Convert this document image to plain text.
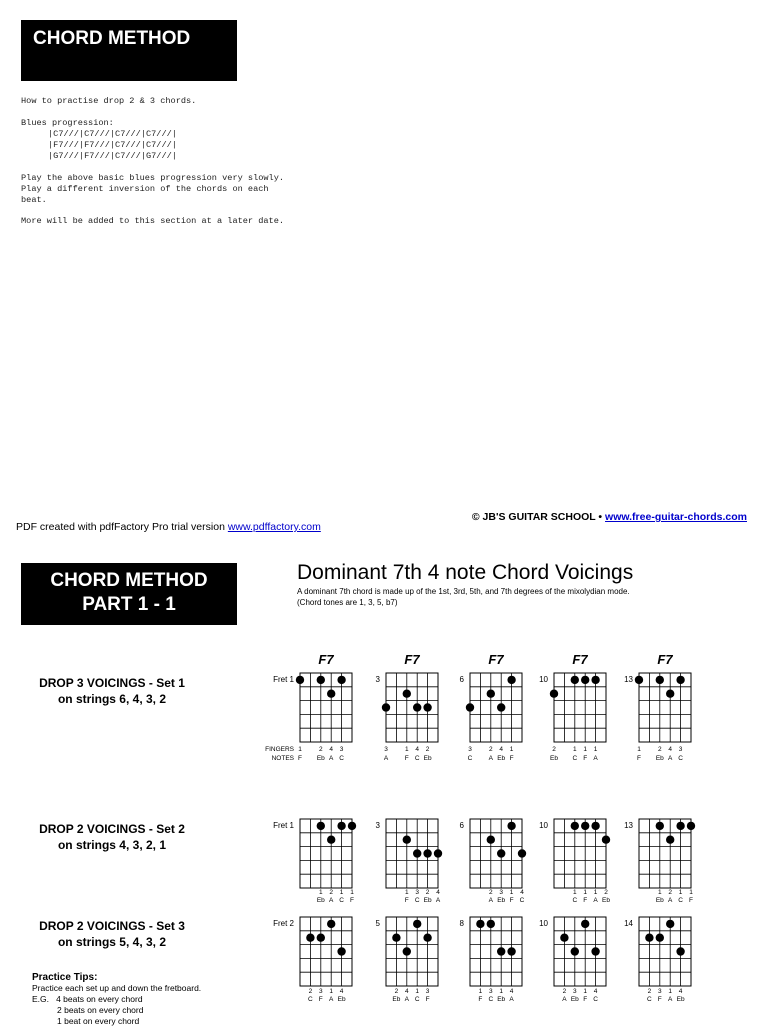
CHORD METHOD
How to practise drop 2 & 3 chords.
Blues progression:
|C7///|C7///|C7///|C7///|
|F7///|F7///|C7///|C7///|
|G7///|F7///|C7///|G7///|
Play the above basic blues progression very slowly.
Play a different inversion of the chords on each
beat.
More will be added to this section at a later date.
© JB'S GUITAR SCHOOL • www.free-guitar-chords.com
PDF created with pdfFactory Pro trial version www.pdffactory.com
CHORD METHOD
PART 1 - 1
Dominant 7th 4 note Chord Voicings
A dominant 7th chord is made up of the 1st, 3rd, 5th, and 7th degrees of the mixolydian mode.
(Chord tones are 1, 3, 5, b7)
DROP 3 VOICINGS - Set 1
on strings 6, 4, 3, 2
DROP 2 VOICINGS - Set 2
on strings 4, 3, 2, 1
DROP 2 VOICINGS - Set 3
on strings 5, 4, 3, 2
Practice Tips:
Practice each set up and down the fretboard.
E.G.   4 beats on every chord
2 beats on every chord
1 beat on every chord
F7
Fret 1
1	2 4 3
F Eb A C
FINGERS
NOTES
F7
3
3	1 4 2
A	F C Eb
F7
6
3	2 4 1
C	A Eb F
F7
10
2	1 1 1
Eb C F A
F7
13
1	2 4 3
F Eb A C
Fret 1
1 2 1 1
Eb A C F
3
1 3 2 4
F C Eb A
6
2 3 1 4
A Eb F C
10
1 1 1 2
C F A Eb
13
1 2 1 1
Eb A C F
Fret 2
2 3 1 4
C F A Eb
5
2 4 1 3
Eb A C F
8
1 3 1 4
F C Eb A
10
2 3 1 4
A Eb F C
14
2 3 1 4
C F A Eb
